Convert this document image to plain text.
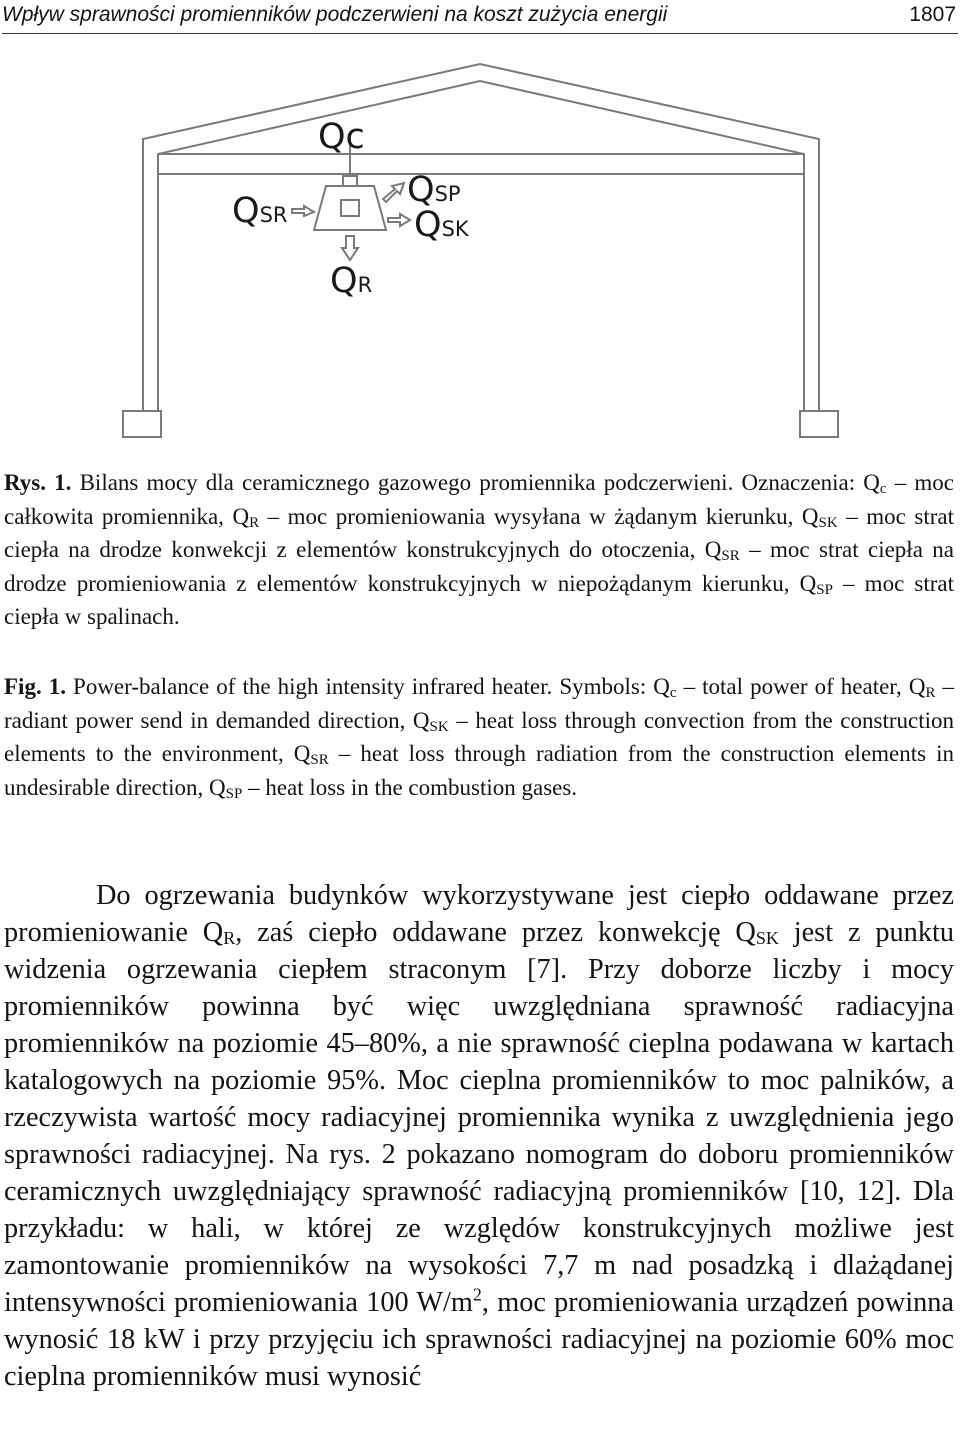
Wpływ sprawności promienników podczerwieni na koszt zużycia energii	1807
Qc
QSR
QSP
QSK
QR

Rys. 1. Bilans mocy dla ceramicznego gazowego promiennika podczerwieni. Oznaczenia: $Q_c$ – moc całkowita promiennika, $Q_R$ – moc promieniowania wysyłana w żądanym kierunku, $Q_{SK}$ – moc strat ciepła na drodze konwekcji z elementów konstrukcyjnych do otoczenia, $Q_{SR}$ – moc strat ciepła na drodze promieniowania z elementów konstrukcyjnych w niepożądanym kierunku, $Q_{SP}$ – moc strat ciepła w spalinach.

Fig. 1. Power-balance of the high intensity infrared heater. Symbols: $Q_c$ – total power of heater, $Q_R$ – radiant power send in demanded direction, $Q_{SK}$ – heat loss through convection from the construction elements to the environment, $Q_{SR}$ – heat loss through radiation from the construction elements in undesirable direction, $Q_{SP}$ – heat loss in the combustion gases.

Do ogrzewania budynków wykorzystywane jest ciepło oddawane przez promieniowanie $Q_R$, zaś ciepło oddawane przez konwekcję $Q_{SK}$ jest z punktu widzenia ogrzewania ciepłem straconym [7]. Przy doborze liczby i mocy promienników powinna być więc uwzględniana sprawność radiacyjna promienników na poziomie 45–80%, a nie sprawność cieplna podawana w kartach katalogowych na poziomie 95%. Moc cieplna promienników to moc palników, a rzeczywista wartość mocy radiacyjnej promiennika wynika z uwzględnienia jego sprawności radiacyjnej. Na rys. 2 pokazano nomogram do doboru promienników ceramicznych uwzględniający sprawność radiacyjną promienników [10, 12]. Dla przykładu: w hali, w której ze względów konstrukcyjnych możliwe jest zamontowanie promienników na wysokości 7,7 m nad posadzką i dlażądanej intensywności promieniowania 100 $W/m^2$, moc promieniowania urządzeń powinna wynosić 18 kW i przy przyjęciu ich sprawności radiacyjnej na poziomie 60% moc cieplna promienników musi wynosić
